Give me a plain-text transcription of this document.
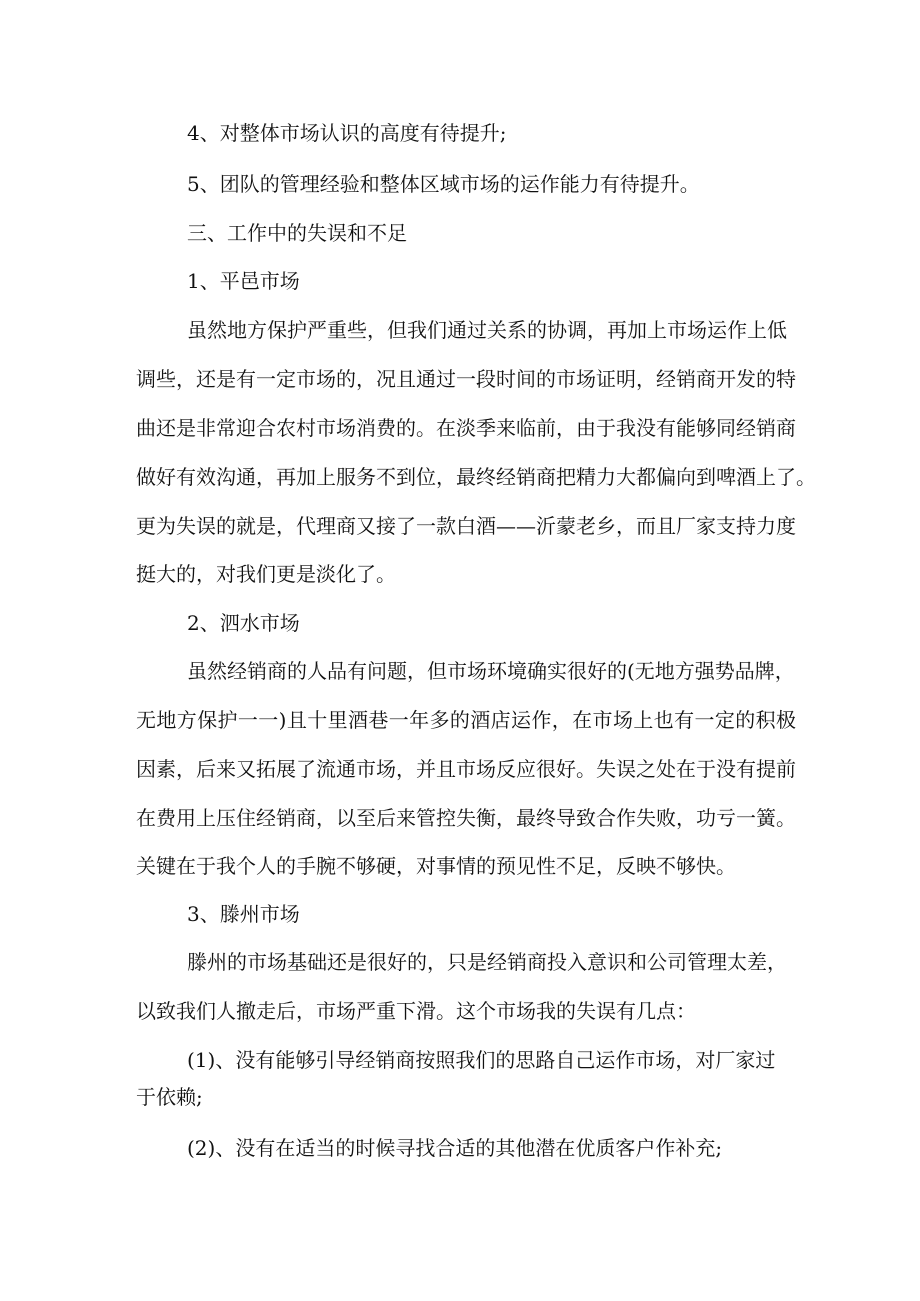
4、对整体市场认识的高度有待提升;

5、团队的管理经验和整体区域市场的运作能力有待提升。

三、工作中的失误和不足

1、平邑市场

虽然地方保护严重些，但我们通过关系的协调，再加上市场运作上低

调些，还是有一定市场的，况且通过一段时间的市场证明，经销商开发的特

曲还是非常迎合农村市场消费的。在淡季来临前，由于我没有能够同经销商

做好有效沟通，再加上服务不到位，最终经销商把精力大都偏向到啤酒上了。

更为失误的就是，代理商又接了一款白酒——沂蒙老乡，而且厂家支持力度

挺大的，对我们更是淡化了。

2、泗水市场

虽然经销商的人品有问题，但市场环境确实很好的(无地方强势品牌，

无地方保护一一)且十里酒巷一年多的酒店运作，在市场上也有一定的积极

因素，后来又拓展了流通市场，并且市场反应很好。失误之处在于没有提前

在费用上压住经销商，以至后来管控失衡，最终导致合作失败，功亏一簧。

关键在于我个人的手腕不够硬，对事情的预见性不足，反映不够快。

3、滕州市场

滕州的市场基础还是很好的，只是经销商投入意识和公司管理太差，

以致我们人撤走后，市场严重下滑。这个市场我的失误有几点：

(1)、没有能够引导经销商按照我们的思路自己运作市场，对厂家过

于依赖;

(2)、没有在适当的时候寻找合适的其他潜在优质客户作补充;
